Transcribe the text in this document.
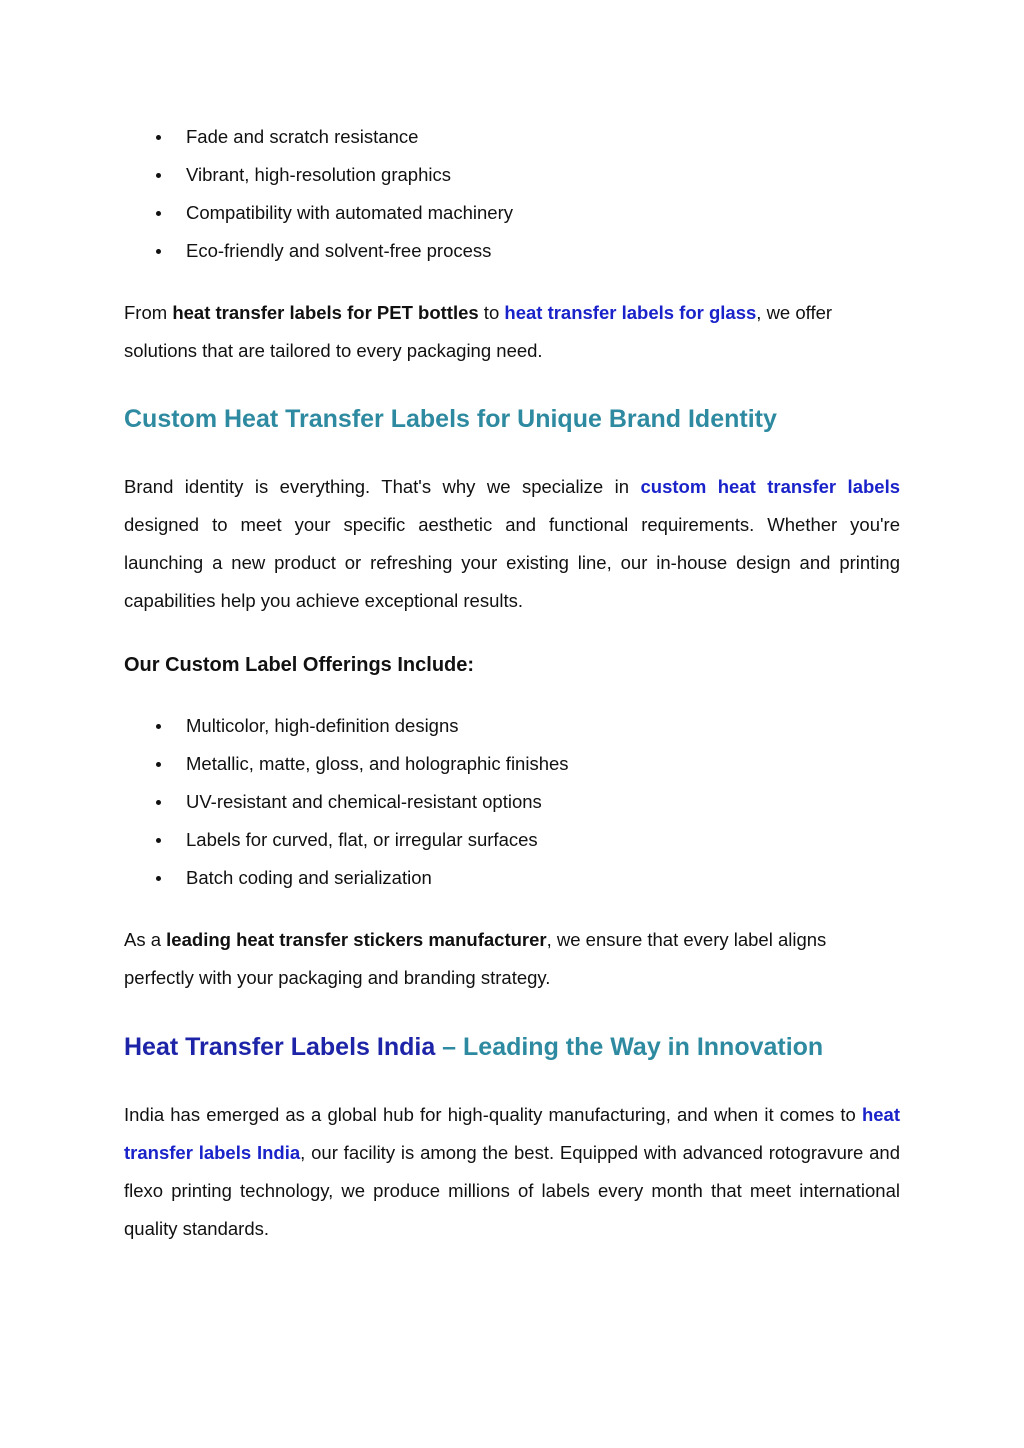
Fade and scratch resistance
Vibrant, high-resolution graphics
Compatibility with automated machinery
Eco-friendly and solvent-free process

From heat transfer labels for PET bottles to heat transfer labels for glass, we offer solutions that are tailored to every packaging need.

Custom Heat Transfer Labels for Unique Brand Identity

Brand identity is everything. That's why we specialize in custom heat transfer labels designed to meet your specific aesthetic and functional requirements. Whether you're launching a new product or refreshing your existing line, our in-house design and printing capabilities help you achieve exceptional results.

Our Custom Label Offerings Include:
Multicolor, high-definition designs
Metallic, matte, gloss, and holographic finishes
UV-resistant and chemical-resistant options
Labels for curved, flat, or irregular surfaces
Batch coding and serialization

As a leading heat transfer stickers manufacturer, we ensure that every label aligns perfectly with your packaging and branding strategy.

Heat Transfer Labels India – Leading the Way in Innovation

India has emerged as a global hub for high-quality manufacturing, and when it comes to heat transfer labels India, our facility is among the best. Equipped with advanced rotogravure and flexo printing technology, we produce millions of labels every month that meet international quality standards.
